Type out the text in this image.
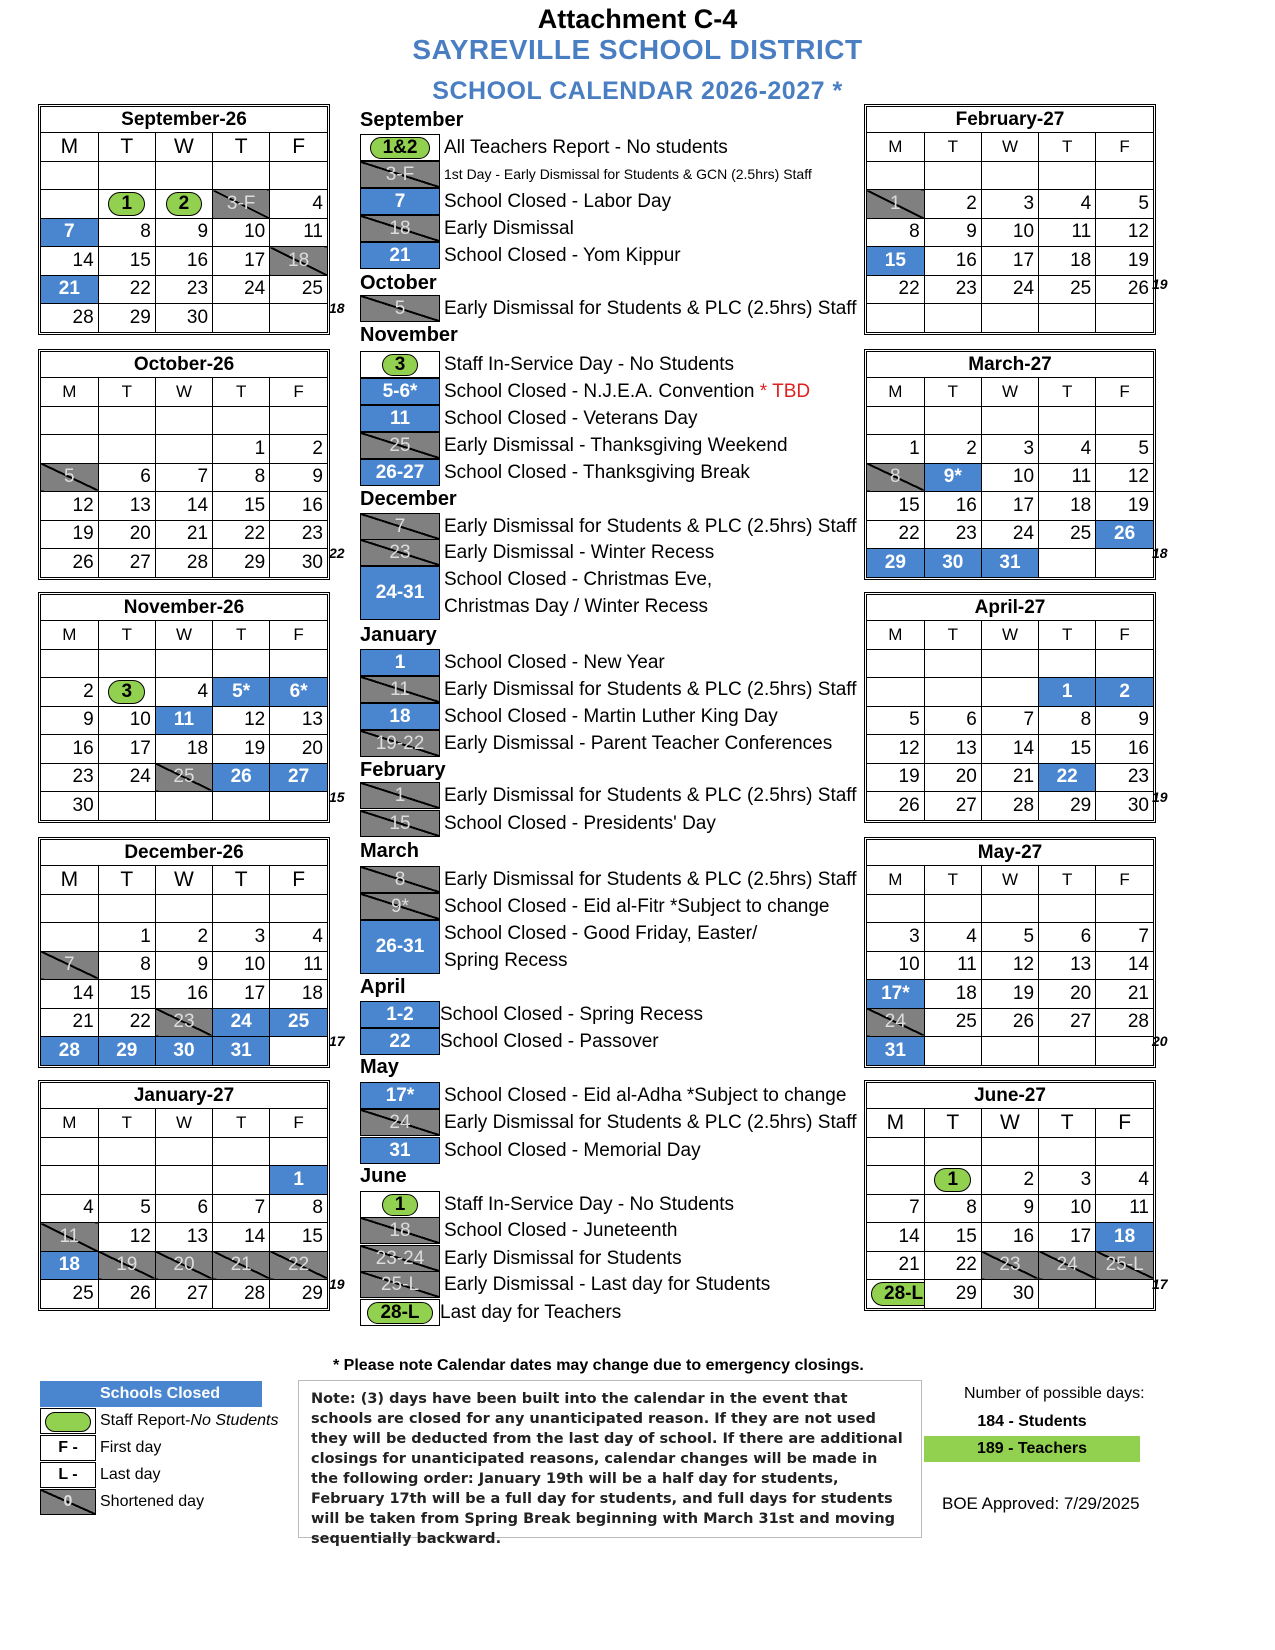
Attachment C-4
SAYREVILLE SCHOOL DISTRICT
SCHOOL CALENDAR 2026-2027 *
September-26
M	T	W	T	F

	1	2	3-F	4
7	8	9	10	11
14	15	16	17	18
21	22	23	24	25
28	29	30			18
October-26
M	T	W	T	F

			1	2
5	6	7	8	9
12	13	14	15	16
19	20	21	22	23
26	27	28	29	30 22
November-26
M	T	W	T	F

2	3	4	5*	6*
9	10	11	12	13
16	17	18	19	20
23	24	25	26	27
30					15
December-26
M	T	W	T	F

	1	2	3	4
7	8	9	10	11
14	15	16	17	18
21	22	23	24	25
28	29	30	31		17
January-27
M	T	W	T	F

				1
4	5	6	7	8
11	12	13	14	15
18	19	20	21	22
25	26	27	28	29 19
February-27
M	T	W	T	F

1	2	3	4	5
8	9	10	11	12
15	16	17	18	19
22	23	24	25	26
				19
March-27
M	T	W	T	F

1	2	3	4	5
8	9*	10	11	12
15	16	17	18	19
22	23	24	25	26
29	30	31			18
April-27
M	T	W	T	F

			1	2
5	6	7	8	9
12	13	14	15	16
19	20	21	22	23
26	27	28	29	30 19
May-27
M	T	W	T	F

3	4	5	6	7
10	11	12	13	14
17*	18	19	20	21
24	25	26	27	28
31					20
June-27
M	T	W	T	F

	1	2	3	4
7	8	9	10	11
14	15	16	17	18
21	22	23	24	25-L
28-L	29	30			17
September
1&2	All Teachers Report - No students
3-F	1st Day - Early Dismissal for Students & GCN (2.5hrs) Staff
7	School Closed - Labor Day
18	Early Dismissal
21	School Closed - Yom Kippur
October
5	Early Dismissal for Students & PLC (2.5hrs) Staff
November
3	Staff In-Service Day - No Students
5-6*	School Closed - N.J.E.A. Convention * TBD
11	School Closed - Veterans Day
25	Early Dismissal - Thanksgiving Weekend
26-27	School Closed - Thanksgiving Break
December
7	Early Dismissal for Students & PLC (2.5hrs) Staff
23	Early Dismissal - Winter Recess
24-31
School Closed - Christmas Eve,
Christmas Day / Winter Recess
January
1	School Closed - New Year
11	Early Dismissal for Students & PLC (2.5hrs) Staff
18	School Closed - Martin Luther King Day
19-22	Early Dismissal - Parent Teacher Conferences
February
1	Early Dismissal for Students & PLC (2.5hrs) Staff
15	School Closed - Presidents' Day
March
8	Early Dismissal for Students & PLC (2.5hrs) Staff
9*	School Closed - Eid al-Fitr *Subject to change
26-31
School Closed - Good Friday, Easter/
Spring Recess
April
1-2	School Closed - Spring Recess
22	School Closed - Passover
May
17*	School Closed - Eid al-Adha *Subject to change
24	Early Dismissal for Students & PLC (2.5hrs) Staff
31	School Closed - Memorial Day
June
1	Staff In-Service Day - No Students
18	School Closed - Juneteenth
23-24	Early Dismissal for Students
25-L	Early Dismissal - Last day for Students
28-L	Last day for Teachers
* Please note Calendar dates may change due to emergency closings.
Schools Closed
Staff Report-No Students
F -	First day
L -	Last day
0	Shortened day
Note: (3) days have been built into the calendar in the event that schools are closed for any unanticipated reason. If they are not used they will be deducted from the last day of school. If there are additional closings for unanticipated reasons, calendar changes will be made in the following order: January 19th will be a half day for students, February 17th will be a full day for students, and full days for students will be taken from Spring Break beginning with March 31st and moving sequentially backward.
Number of possible days:
184 - Students
189 - Teachers
BOE Approved: 7/29/2025
